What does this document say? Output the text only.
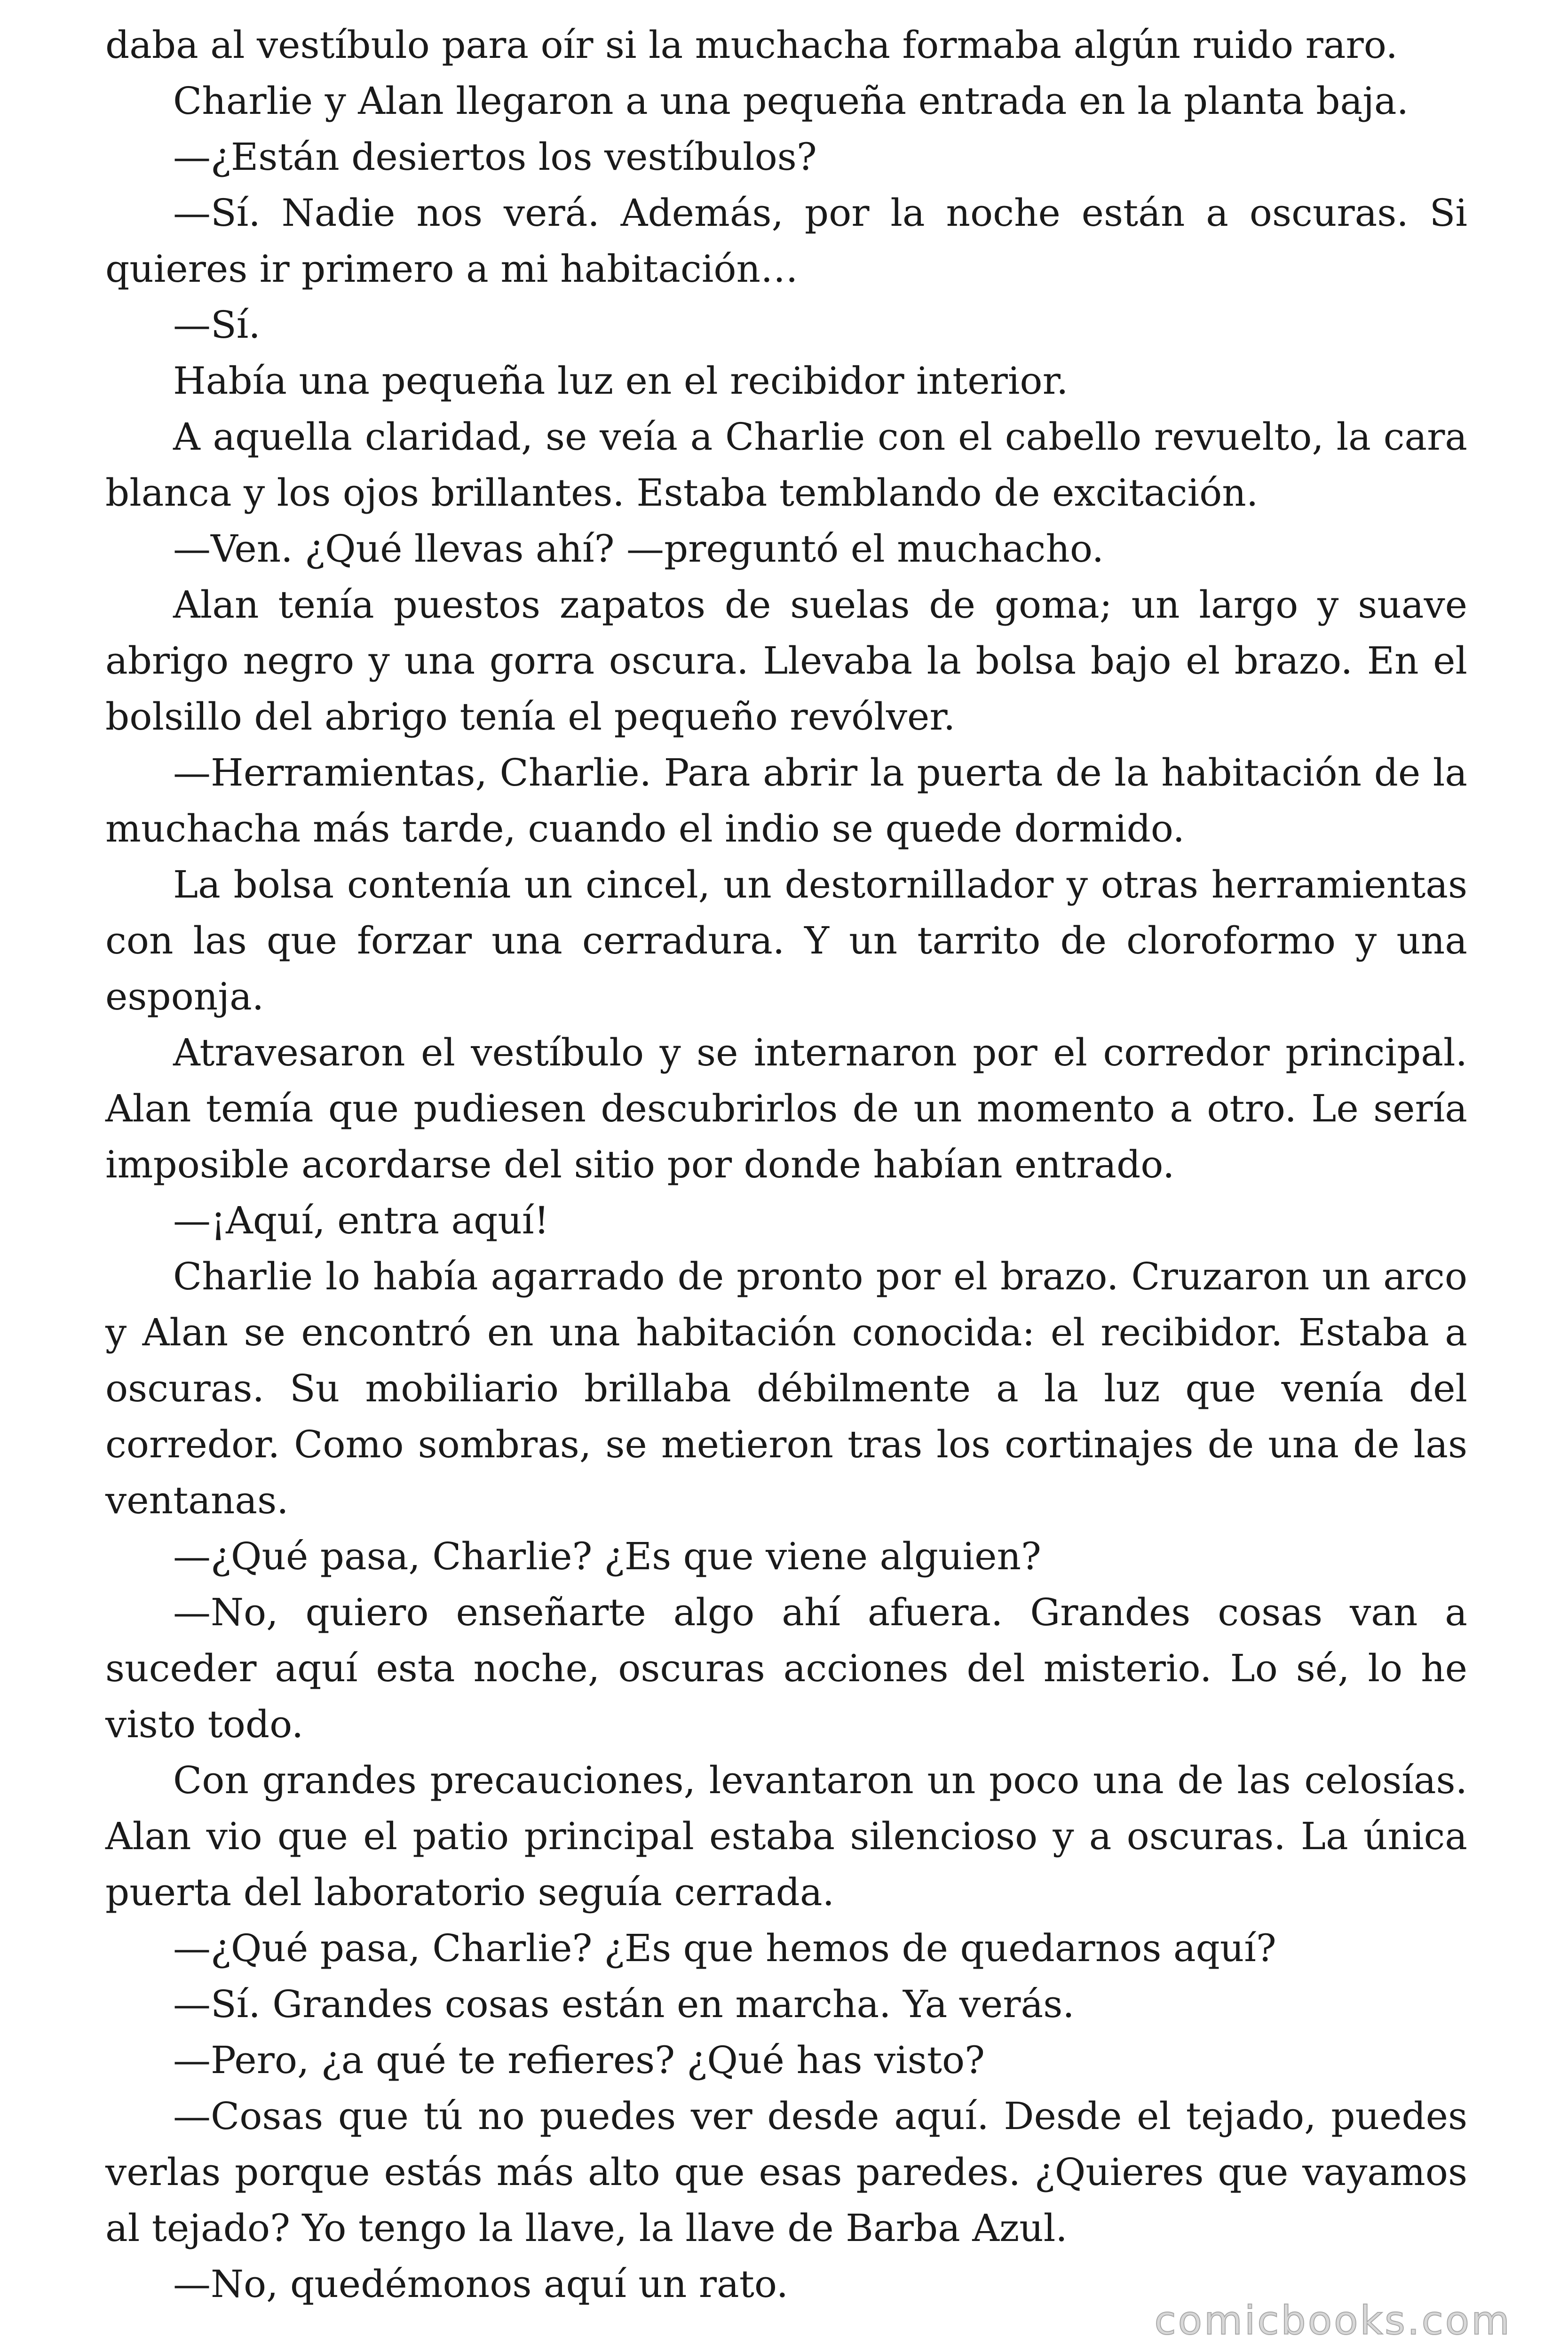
daba al vestíbulo para oír si la muchacha formaba algún ruido raro.

Charlie y Alan llegaron a una pequeña entrada en la planta baja.

—¿Están desiertos los vestíbulos?

—Sí. Nadie nos verá. Además, por la noche están a oscuras. Si quieres ir primero a mi habitación…

—Sí.

Había una pequeña luz en el recibidor interior.

A aquella claridad, se veía a Charlie con el cabello revuelto, la cara blanca y los ojos brillantes. Estaba temblando de excitación.

—Ven. ¿Qué llevas ahí? —preguntó el muchacho.

Alan tenía puestos zapatos de suelas de goma; un largo y suave abrigo negro y una gorra oscura. Llevaba la bolsa bajo el brazo. En el bolsillo del abrigo tenía el pequeño revólver.

—Herramientas, Charlie. Para abrir la puerta de la habitación de la muchacha más tarde, cuando el indio se quede dormido.

La bolsa contenía un cincel, un destornillador y otras herramientas con las que forzar una cerradura. Y un tarrito de cloroformo y una esponja.

Atravesaron el vestíbulo y se internaron por el corredor principal. Alan temía que pudiesen descubrirlos de un momento a otro. Le sería imposible acordarse del sitio por donde habían entrado.

—¡Aquí, entra aquí!

Charlie lo había agarrado de pronto por el brazo. Cruzaron un arco y Alan se encontró en una habitación conocida: el recibidor. Estaba a oscuras. Su mobiliario brillaba débilmente a la luz que venía del corredor. Como sombras, se metieron tras los cortinajes de una de las ventanas.

—¿Qué pasa, Charlie? ¿Es que viene alguien?

—No, quiero enseñarte algo ahí afuera. Grandes cosas van a suceder aquí esta noche, oscuras acciones del misterio. Lo sé, lo he visto todo.

Con grandes precauciones, levantaron un poco una de las celosías. Alan vio que el patio principal estaba silencioso y a oscuras. La única puerta del laboratorio seguía cerrada.

—¿Qué pasa, Charlie? ¿Es que hemos de quedarnos aquí?

—Sí. Grandes cosas están en marcha. Ya verás.

—Pero, ¿a qué te refieres? ¿Qué has visto?

—Cosas que tú no puedes ver desde aquí. Desde el tejado, puedes verlas porque estás más alto que esas paredes. ¿Quieres que vayamos al tejado? Yo tengo la llave, la llave de Barba Azul.

—No, quedémonos aquí un rato.

comicbooks.com
